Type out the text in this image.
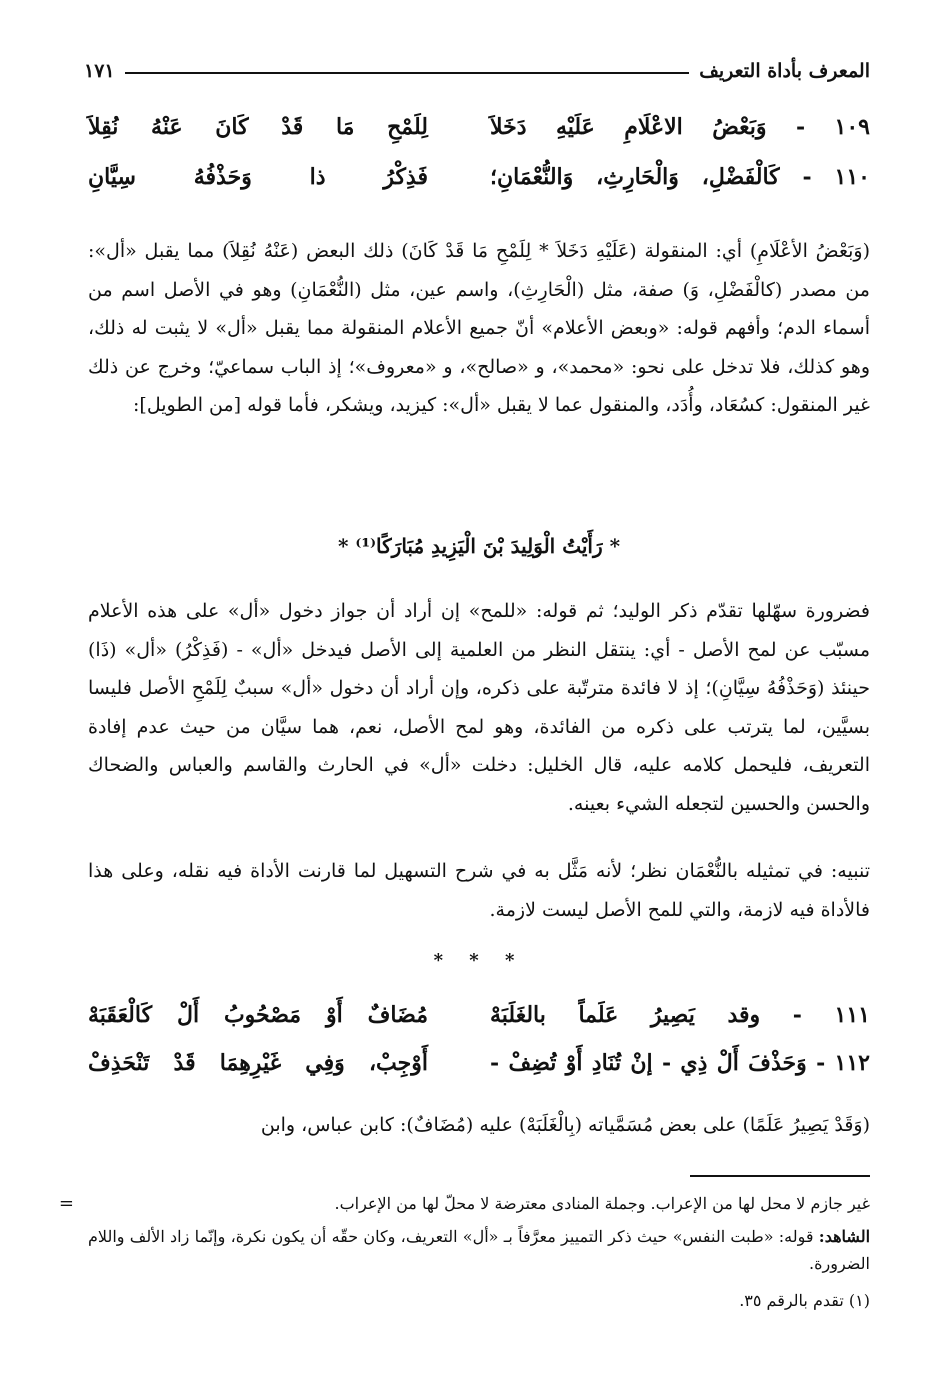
المعرف بأداة التعريف
١٧١
١٠٩ - وَبَعْضُ الاعْلَامِ عَلَيْهِ دَخَلاَ
لِلَمْحِ مَا قَدْ كَانَ عَنْهُ نُقِلاَ
١١٠ - كَالْفَضْلِ، وَالْحَارِثِ، وَالنُّعْمَانِ؛
فَذِكْرُ ذا وَحَذْفُهُ سِيَّانِ

(وَبَعْضُ الأعْلَامِ) أي: المنقولة (عَلَيْهِ دَخَلاَ * لِلَمْحِ مَا قَدْ كَانَ) ذلك البعض (عَنْهُ نُقِلاَ) مما يقبل «أل»: من مصدر (كالْفَضْلِ، وَ) صفة، مثل (الْحَارِثِ)، واسم عين، مثل (النُّعْمَانِ) وهو في الأصل اسم من أسماء الدم؛ وأفهم قوله: «وبعض الأعلام» أنّ جميع الأعلام المنقولة مما يقبل «أل» لا يثبت له ذلك، وهو كذلك، فلا تدخل على نحو: «محمد»، و «صالح»، و «معروف»؛ إذ الباب سماعيّ؛ وخرج عن ذلك غير المنقول: كسُعَاد، وأُدَد، والمنقول عما لا يقبل «أل»: كيزيد، ويشكر، فأما قوله [من الطويل]:

* رَأَيْتُ الْوَلِيدَ بْنَ الْيَزِيدِ مُبَارَكًا⁽¹⁾ *

فضرورة سهّلها تقدّم ذكر الوليد؛ ثم قوله: «للمح» إن أراد أن جواز دخول «أل» على هذه الأعلام مسبّب عن لمح الأصل - أي: ينتقل النظر من العلمية إلى الأصل فيدخل «أل» - (فَذِكْرُ) «أل» (ذَا) حينئذ (وَحَذْفُهُ سِيَّانِ)؛ إذ لا فائدة مترتّبة على ذكره، وإن أراد أن دخول «أل» سببٌ لِلَمْحِ الأصل فليسا بسيَّين، لما يترتب على ذكره من الفائدة، وهو لمح الأصل، نعم، هما سيَّان من حيث عدم إفادة التعريف، فليحمل كلامه عليه، قال الخليل: دخلت «أل» في الحارث والقاسم والعباس والضحاك والحسن والحسين لتجعله الشيء بعينه.

تنبيه: في تمثيله بالنُّعْمَان نظر؛ لأنه مَثَّل به في شرح التسهيل لما قارنت الأداة فيه نقله، وعلى هذا فالأداة فيه لازمة، والتي للمح الأصل ليست لازمة.

* * *
١١١ - وقد يَصِيرُ عَلَماً بالغَلَبَهْ
مُضَافٌ أَوْ مَصْحُوبُ أَلْ كَالْعَقَبَهْ
١١٢ - وَحَذْفَ أَلْ ذِي - إنْ تُنَادِ أَوْ تُضِفْ -
أَوْجِبْ، وَفِي غَيْرِهِمَا قَدْ تَنْحَذِفْ

(وَقَدْ يَصِيرُ عَلَمًا) على بعض مُسَمَّياته (بِالْغَلَبَهْ) عليه (مُضَافٌ): كابن عباس، وابن

=	غير جازم لا محل لها من الإعراب. وجملة المنادى معترضة لا محلّ لها من الإعراب.

الشاهد: قوله: «طبت النفس» حيث ذكر التمييز معرَّفاً بـ «أل» التعريف، وكان حقّه أن يكون نكرة، وإنّما زاد الألف واللام الضرورة.

(١) تقدم بالرقم ٣٥.
